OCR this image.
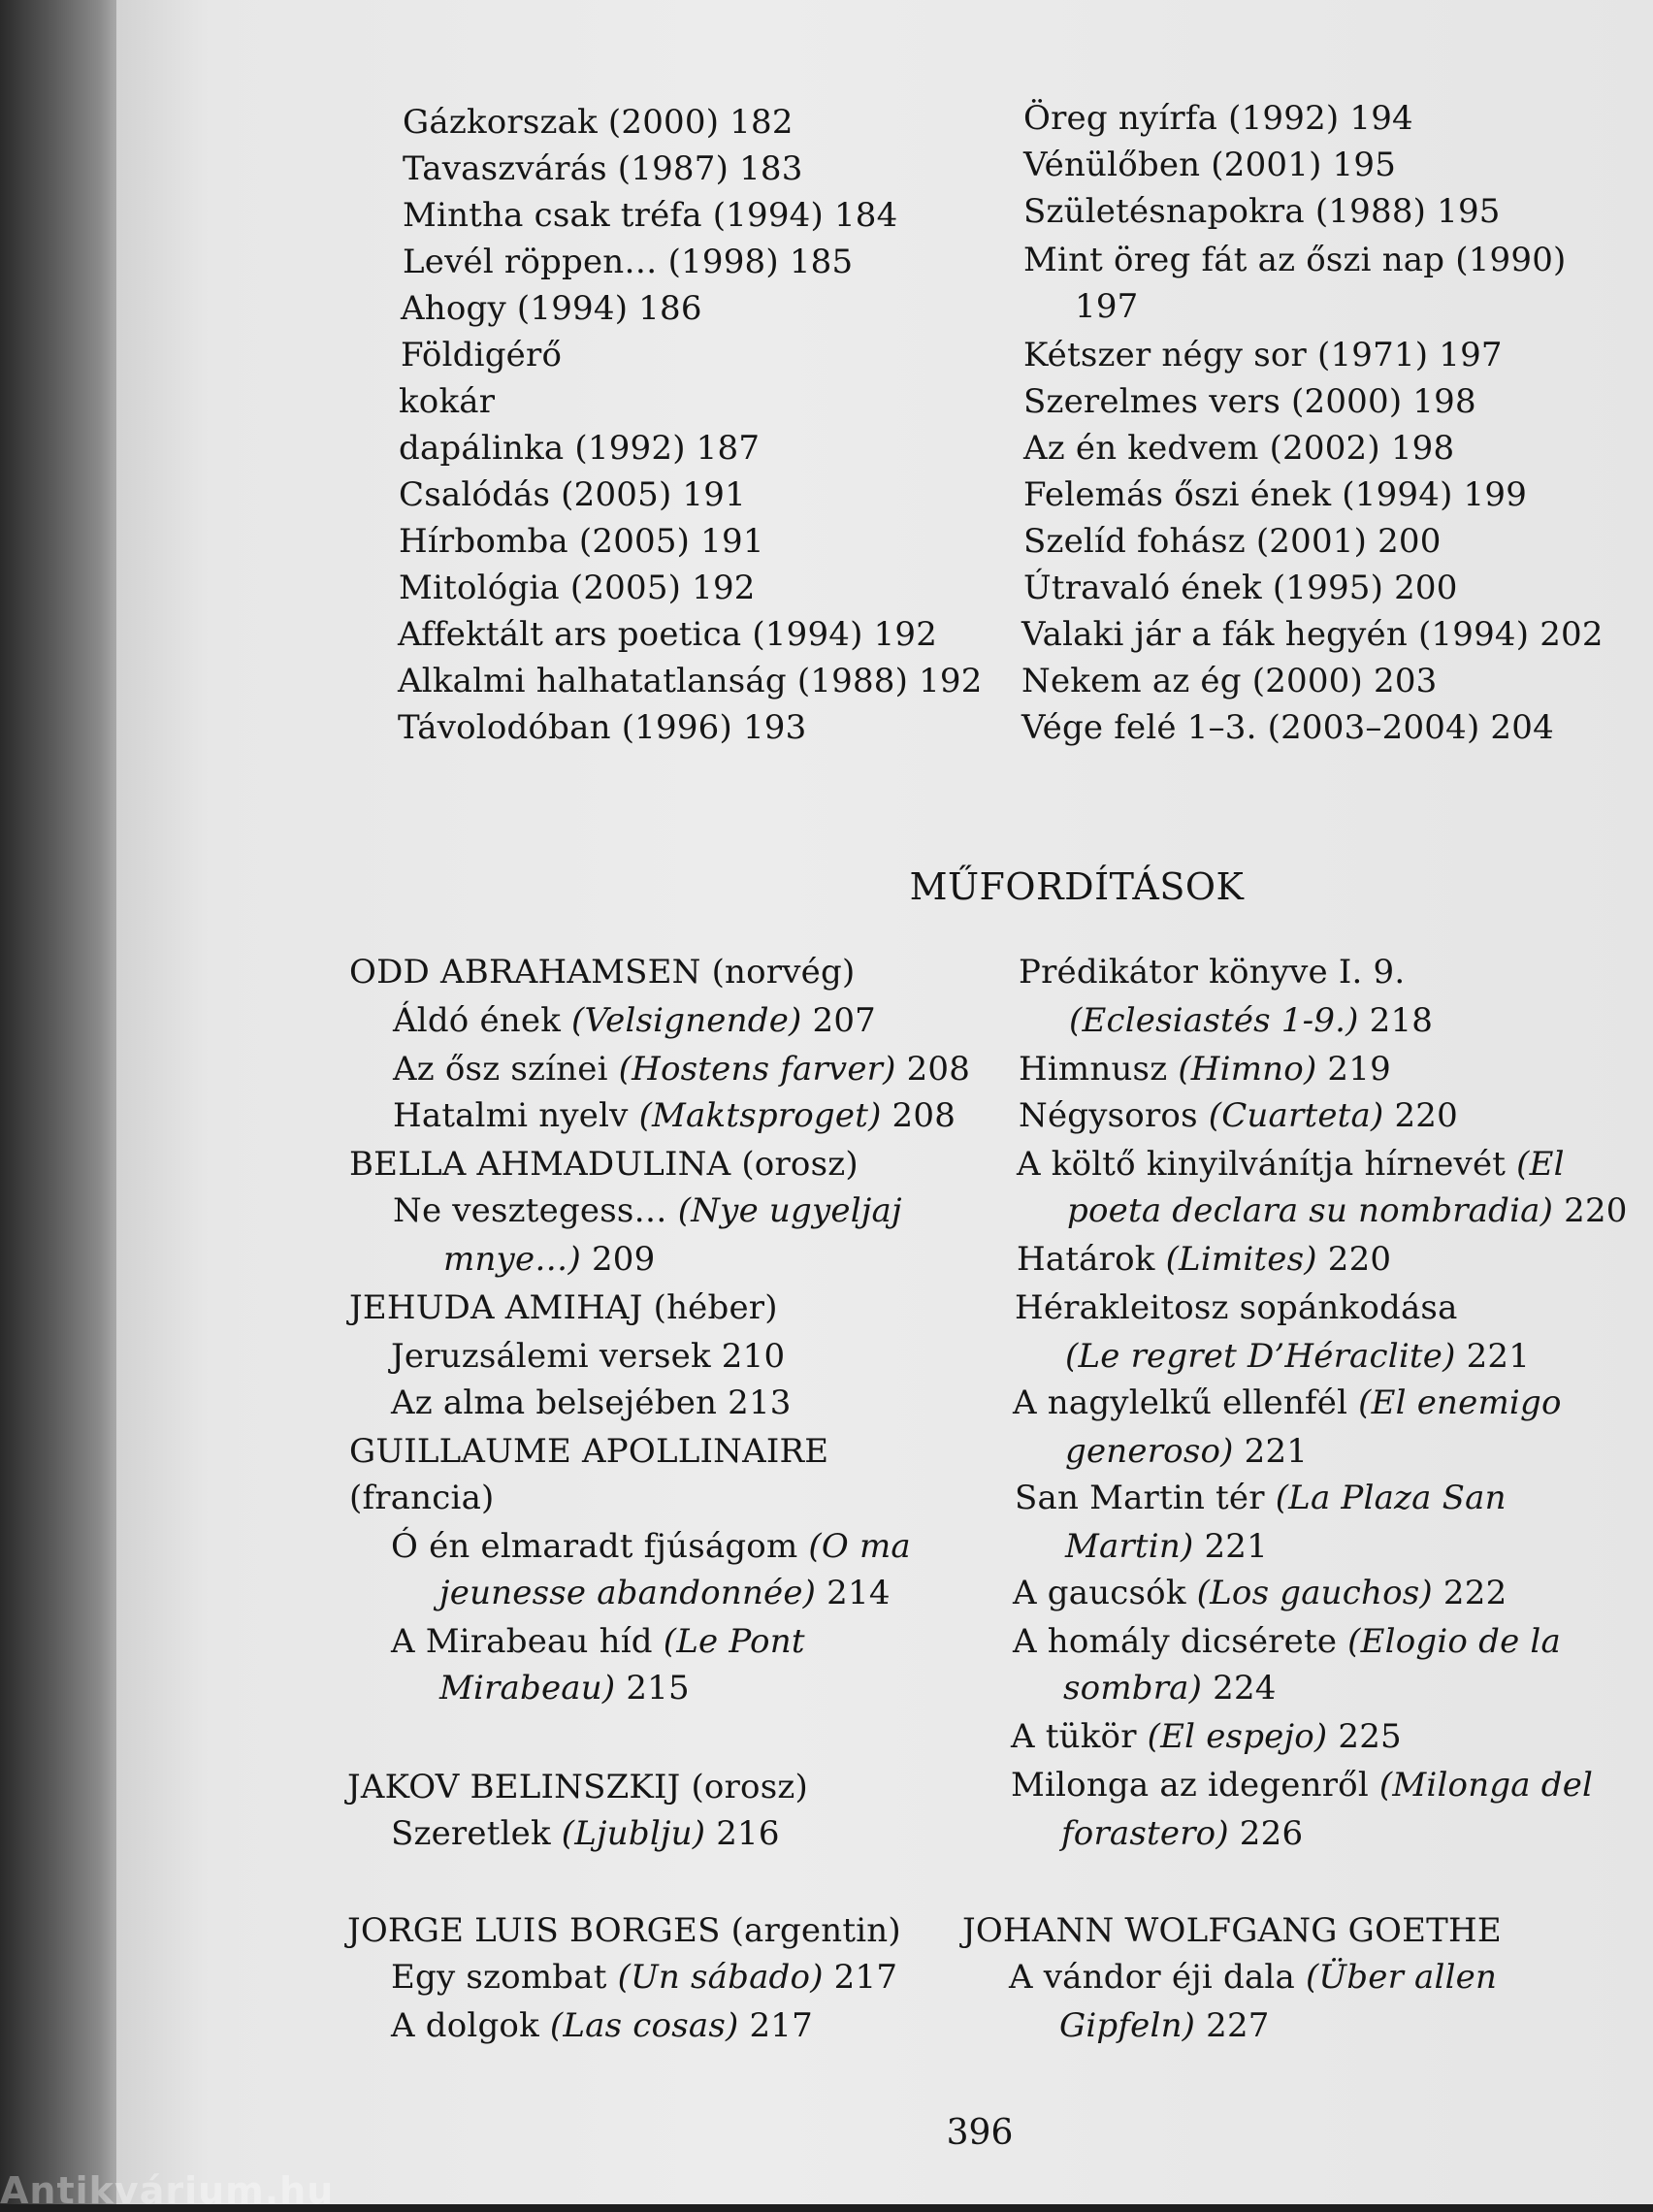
MŰFORDÍTÁSOK
396
Gázkorszak (2000) 182
Tavaszvárás (1987) 183
Mintha csak tréfa (1994) 184
Levél röppen… (1998) 185
Ahogy (1994) 186
Földigérő
kokár
dapálinka (1992) 187
Csalódás (2005) 191
Hírbomba (2005) 191
Mitológia (2005) 192
Affektált ars poetica (1994) 192
Alkalmi halhatatlanság (1988) 192
Távolodóban (1996) 193
Öreg nyírfa (1992) 194
Vénülőben (2001) 195
Születésnapokra (1988) 195
Mint öreg fát az őszi nap (1990)
197
Kétszer négy sor (1971) 197
Szerelmes vers (2000) 198
Az én kedvem (2002) 198
Felemás őszi ének (1994) 199
Szelíd fohász (2001) 200
Útravaló ének (1995) 200
Valaki jár a fák hegyén (1994) 202
Nekem az ég (2000) 203
Vége felé 1–3. (2003–2004) 204
ODD ABRAHAMSEN (norvég)
Áldó ének (Velsignende) 207
Az ősz színei (Hostens farver) 208
Hatalmi nyelv (Maktsproget) 208
BELLA AHMADULINA (orosz)
Ne vesztegess… (Nye ugyeljaj
mnye…) 209
JEHUDA AMIHAJ (héber)
Jeruzsálemi versek 210
Az alma belsejében 213
GUILLAUME APOLLINAIRE
(francia)
Ó én elmaradt fjúságom (O ma
jeunesse abandonnée) 214
A Mirabeau híd (Le Pont
Mirabeau) 215
JAKOV BELINSZKIJ (orosz)
Szeretlek (Ljublju) 216
JORGE LUIS BORGES (argentin)
Egy szombat (Un sábado) 217
A dolgok (Las cosas) 217
Prédikátor könyve I. 9.
(Eclesiastés 1-9.) 218
Himnusz (Himno) 219
Négysoros (Cuarteta) 220
A költő kinyilvánítja hírnevét (El
poeta declara su nombradia) 220
Határok (Limites) 220
Hérakleitosz sopánkodása
(Le regret D’Héraclite) 221
A nagylelkű ellenfél (El enemigo
generoso) 221
San Martin tér (La Plaza San
Martin) 221
A gaucsók (Los gauchos) 222
A homály dicsérete (Elogio de la
sombra) 224
A tükör (El espejo) 225
Milonga az idegenről (Milonga del
forastero) 226
JOHANN WOLFGANG GOETHE
A vándor éji dala (Über allen
Gipfeln) 227
Antikvárium.hu
